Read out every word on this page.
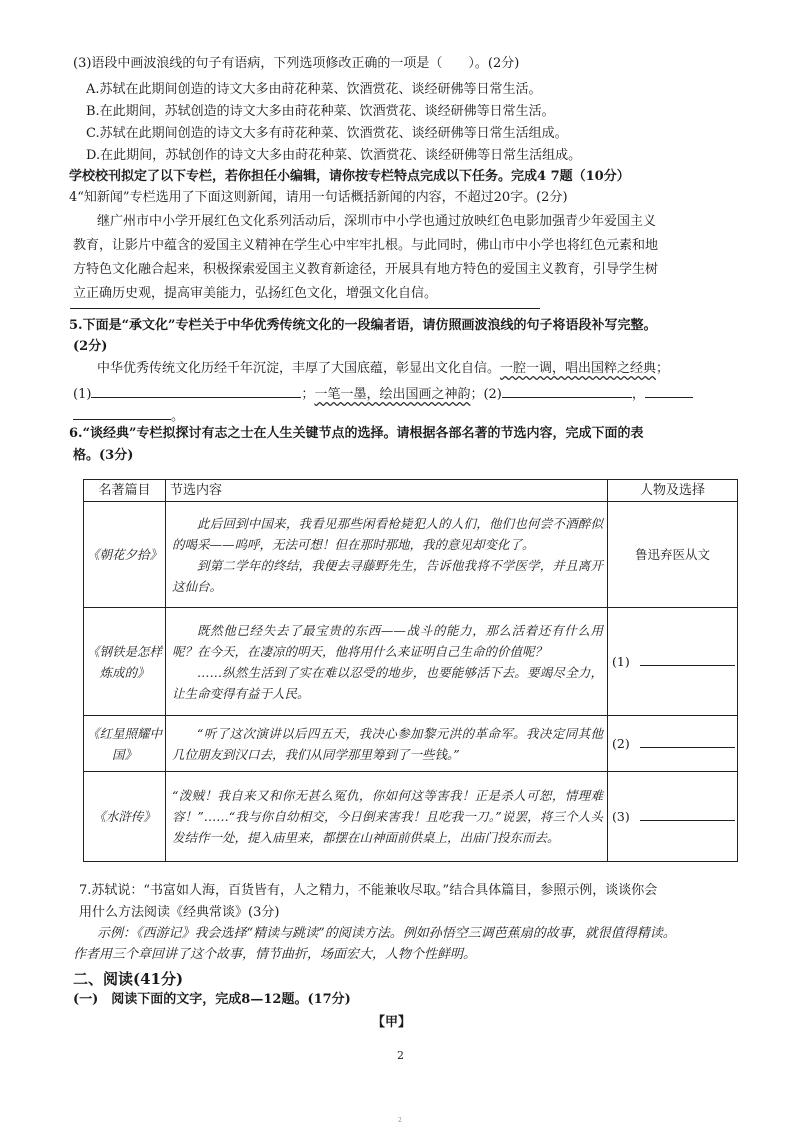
(3)语段中画波浪线的句子有语病，下列选项修改正确的一项是（　　）。(2分)
A.苏轼在此期间创造的诗文大多由莳花种菜、饮酒赏花、谈经研佛等日常生活。
B.在此期间，苏轼创造的诗文大多由莳花种菜、饮酒赏花、谈经研佛等日常生活。
C.苏轼在此期间创造的诗文大多有莳花种菜、饮酒赏花、谈经研佛等日常生活组成。
D.在此期间，苏轼创作的诗文大多由莳花种菜、饮酒赏花、谈经研佛等日常生活组成。
学校校刊拟定了以下专栏，若你担任小编辑，请你按专栏特点完成以下任务。完成4 7题（10分）
4“知新闻”专栏选用了下面这则新闻，请用一句话概括新闻的内容，不超过20字。(2分)
继广州市中小学开展红色文化系列活动后，深圳市中小学也通过放映红色电影加强青少年爱国主义
教育，让影片中蕴含的爱国主义精神在学生心中牢牢扎根。与此同时，佛山市中小学也将红色元素和地
方特色文化融合起来，积极探索爱国主义教育新途径，开展具有地方特色的爱国主义教育，引导学生树
立正确历史观，提高审美能力，弘扬红色文化，增强文化自信。
5.下面是“承文化”专栏关于中华优秀传统文化的一段编者语，请仿照画波浪线的句子将语段补写完整。
(2分)
中华优秀传统文化历经千年沉淀，丰厚了大国底蕴，彰显出文化自信。一腔一调，唱出国粹之经典；
(1)	；一笔一墨，绘出国画之神韵；(2)	，
。
6.“谈经典”专栏拟探讨有志之士在人生关键节点的选择。请根据各部名著的节选内容，完成下面的表
格。(3分)
名著篇目	节选内容	人物及选择
《朝花夕拾》	此后回到中国来，我看见那些闲看枪毙犯人的人们，他们也何尝不酒醉似的喝采——呜呼，无法可想！但在那时那地，我的意见却变化了。

到第二学年的终结，我便去寻藤野先生，告诉他我将不学医学，并且离开这仙台。	鲁迅弃医从文
《钢铁是怎样炼成的》	既然他已经失去了最宝贵的东西——战斗的能力，那么活着还有什么用呢？在今天，在凄凉的明天，他将用什么来证明自己生命的价值呢？

……纵然生活到了实在难以忍受的地步，也要能够活下去。要竭尽全力，让生命变得有益于人民。	(1)
《红星照耀中国》	“听了这次演讲以后四五天，我决心参加黎元洪的革命军。我决定同其他几位朋友到汉口去，我们从同学那里筹到了一些钱。”	(2)
《水浒传》	“泼贼！我自来又和你无甚么冤仇，你如何这等害我！正是杀人可恕，情理难容！”……“我与你自幼相交，今日倒来害我！且吃我一刀。”说罢，将三个人头发结作一处，提入庙里来，都摆在山神面前供桌上，出庙门投东而去。	(3)
7.苏轼说：“书富如人海，百货皆有，人之精力，不能兼收尽取。”结合具体篇目，参照示例，谈谈你会
用什么方法阅读《经典常谈》(3分)
示例：《西游记》我会选择“精读与跳读”的阅读方法。例如孙悟空三调芭蕉扇的故事，就很值得精读。
作者用三个章回讲了这个故事，情节曲折，场面宏大，人物个性鲜明。
二、阅读(41分)
(一)　阅读下面的文字，完成8—12题。(17分)
【甲】
2
2
